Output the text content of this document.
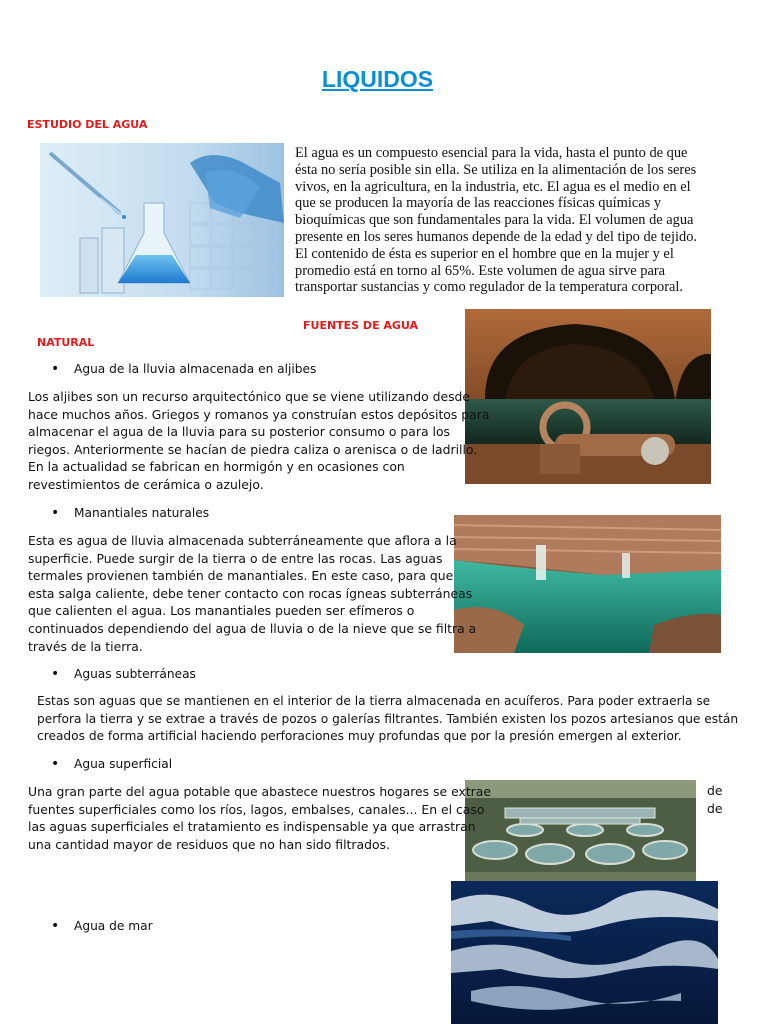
LIQUIDOS
ESTUDIO DEL AGUA
El agua es un compuesto esencial para la vida, hasta el punto de que
ésta no sería posible sin ella. Se utiliza en la alimentación de los seres
vivos, en la agricultura, en la industria, etc. El agua es el medio en el
que se producen la mayoría de las reacciones físicas químicas y
bioquímicas que son fundamentales para la vida. El volumen de agua
presente en los seres humanos depende de la edad y del tipo de tejido.
El contenido de ésta es superior en el hombre que en la mujer y el
promedio está en torno al 65%. Este volumen de agua sirve para
transportar sustancias y como regulador de la temperatura corporal.
FUENTES DE AGUA
NATURAL
• Agua de la lluvia almacenada en aljibes
Los aljibes son un recurso arquitectónico que se viene utilizando desde
hace muchos años. Griegos y romanos ya construían estos depósitos para
almacenar el agua de la lluvia para su posterior consumo o para los
riegos. Anteriormente se hacían de piedra caliza o arenisca o de ladrillo.
En la actualidad se fabrican en hormigón y en ocasiones con
revestimientos de cerámica o azulejo.
• Manantiales naturales
Esta es agua de lluvia almacenada subterráneamente que aflora a la
superficie. Puede surgir de la tierra o de entre las rocas. Las aguas
termales provienen también de manantiales. En este caso, para que
esta salga caliente, debe tener contacto con rocas ígneas subterráneas
que calienten el agua. Los manantiales pueden ser efímeros o
continuados dependiendo del agua de lluvia o de la nieve que se filtra a
través de la tierra.
• Aguas subterráneas
Estas son aguas que se mantienen en el interior de la tierra almacenada en acuíferos. Para poder extraerla se
perfora la tierra y se extrae a través de pozos o galerías filtrantes. También existen los pozos artesianos que están
creados de forma artificial haciendo perforaciones muy profundas que por la presión emergen al exterior.
• Agua superficial
Una gran parte del agua potable que abastece nuestros hogares se extrae
fuentes superficiales como los ríos, lagos, embalses, canales... En el caso
las aguas superficiales el tratamiento es indispensable ya que arrastran
una cantidad mayor de residuos que no han sido filtrados.
de
de
• Agua de mar
